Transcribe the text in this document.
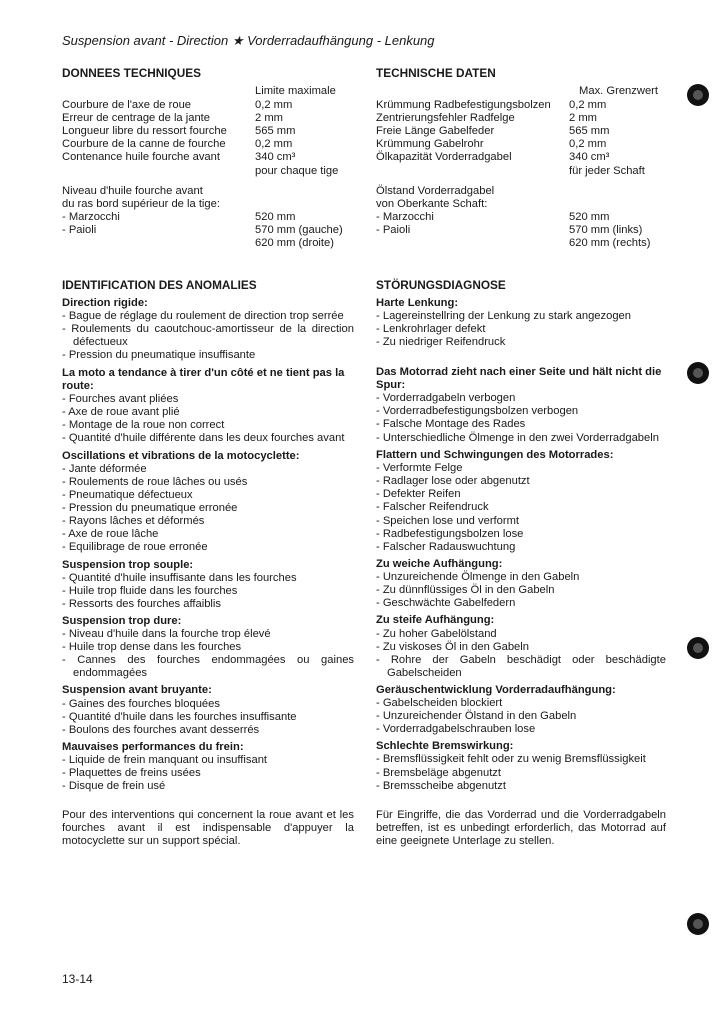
Suspension avant - Direction ★ Vorderradaufhängung - Lenkung
DONNEES TECHNIQUES
Limite maximale
Courbure de l'axe de roue	0,2 mm
Erreur de centrage de la jante	2 mm
Longueur libre du ressort fourche	565 mm
Courbure de la canne de fourche	0,2 mm
Contenance huile fourche avant	340 cm³
pour chaque tige
Niveau d'huile fourche avant
du ras bord supérieur de la tige:
- Marzocchi	520 mm
- Paioli	570 mm (gauche)
620 mm (droite)
TECHNISCHE DATEN
Max. Grenzwert
Krümmung Radbefestigungsbolzen	0,2 mm
Zentrierungsfehler Radfelge	2 mm
Freie Länge Gabelfeder	565 mm
Krümmung Gabelrohr	0,2 mm
Ölkapazität Vorderradgabel	340 cm³
für jeder Schaft
Ölstand Vorderradgabel
von Oberkante Schaft:
- Marzocchi	520 mm
- Paioli	570 mm (links)
620 mm (rechts)
IDENTIFICATION DES ANOMALIES
Direction rigide:
- Bague de réglage du roulement de direction trop serrée
- Roulements du caoutchouc-amortisseur de la direction défectueux
- Pression du pneumatique insuffisante
La moto a tendance à tirer d'un côté et ne tient pas la route:
- Fourches avant pliées
- Axe de roue avant plié
- Montage de la roue non correct
- Quantité d'huile différente dans les deux fourches avant
Oscillations et vibrations de la motocyclette:
- Jante déformée
- Roulements de roue lâches ou usés
- Pneumatique défectueux
- Pression du pneumatique erronée
- Rayons lâches et déformés
- Axe de roue lâche
- Equilibrage de roue erronée
Suspension trop souple:
- Quantité d'huile insuffisante dans les fourches
- Huile trop fluide dans les fourches
- Ressorts des fourches affaiblis
Suspension trop dure:
- Niveau d'huile dans la fourche trop élevé
- Huile trop dense dans les fourches
- Cannes des fourches endommagées ou gaines endommagées
Suspension avant bruyante:
- Gaines des fourches bloquées
- Quantité d'huile dans les fourches insuffisante
- Boulons des fourches avant desserrés
Mauvaises performances du frein:
- Liquide de frein manquant ou insuffisant
- Plaquettes de freins usées
- Disque de frein usé
Pour des interventions qui concernent la roue avant et les fourches avant il est indispensable d'appuyer la motocyclette sur un support spécial.
STÖRUNGSDIAGNOSE
Harte Lenkung:
- Lagereinstellring der Lenkung zu stark angezogen
- Lenkrohrlager defekt
- Zu niedriger Reifendruck
Das Motorrad zieht nach einer Seite und hält nicht die Spur:
- Vorderradgabeln verbogen
- Vorderradbefestigungsbolzen verbogen
- Falsche Montage des Rades
- Unterschiedliche Ölmenge in den zwei Vorderradgabeln
Flattern und Schwingungen des Motorrades:
- Verformte Felge
- Radlager lose oder abgenutzt
- Defekter Reifen
- Falscher Reifendruck
- Speichen lose und verformt
- Radbefestigungsbolzen lose
- Falscher Radauswuchtung
Zu weiche Aufhängung:
- Unzureichende Ölmenge in den Gabeln
- Zu dünnflüssiges Öl in den Gabeln
- Geschwächte Gabelfedern
Zu steife Aufhängung:
- Zu hoher Gabelölstand
- Zu viskoses Öl in den Gabeln
- Rohre der Gabeln beschädigt oder beschädigte Gabelscheiden
Geräuschentwicklung Vorderradaufhängung:
- Gabelscheiden blockiert
- Unzureichender Ölstand in den Gabeln
- Vorderradgabelschrauben lose
Schlechte Bremswirkung:
- Bremsflüssigkeit fehlt oder zu wenig Bremsflüssigkeit
- Bremsbeläge abgenutzt
- Bremsscheibe abgenutzt
Für Eingriffe, die das Vorderrad und die Vorderradgabeln betreffen, ist es unbedingt erforderlich, das Motorrad auf eine geeignete Unterlage zu stellen.
13-14
